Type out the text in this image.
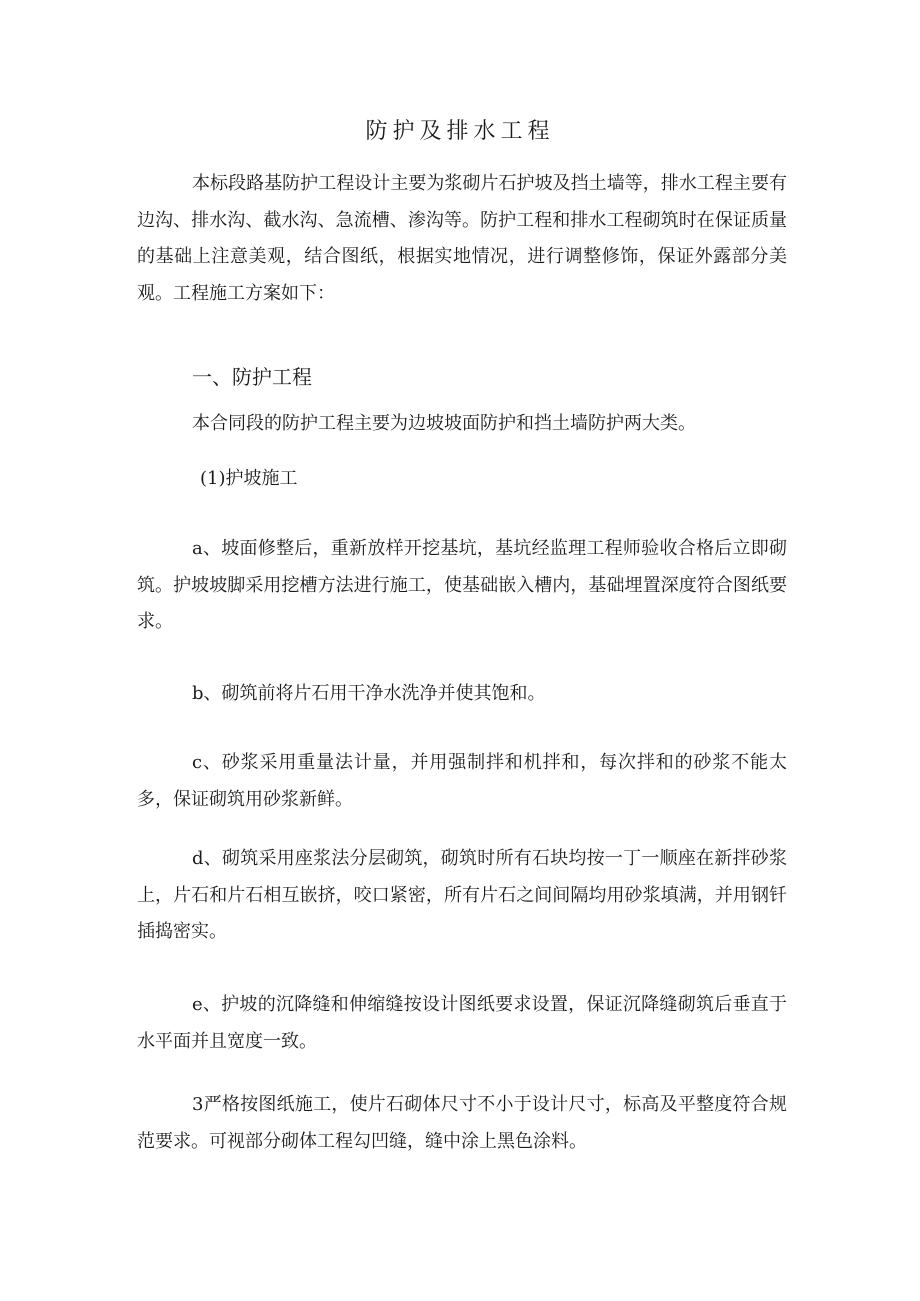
防护及排水工程

本标段路基防护工程设计主要为浆砌片石护坡及挡土墙等，排水工程主要有边沟、排水沟、截水沟、急流槽、渗沟等。防护工程和排水工程砌筑时在保证质量的基础上注意美观，结合图纸，根据实地情况，进行调整修饰，保证外露部分美观。工程施工方案如下：

一、防护工程

本合同段的防护工程主要为边坡坡面防护和挡土墙防护两大类。

(1)护坡施工

a、坡面修整后，重新放样开挖基坑，基坑经监理工程师验收合格后立即砌筑。护坡坡脚采用挖槽方法进行施工，使基础嵌入槽内，基础埋置深度符合图纸要求。

b、砌筑前将片石用干净水洗净并使其饱和。

c、砂浆采用重量法计量，并用强制拌和机拌和，每次拌和的砂浆不能太多，保证砌筑用砂浆新鲜。

d、砌筑采用座浆法分层砌筑，砌筑时所有石块均按一丁一顺座在新拌砂浆上，片石和片石相互嵌挤，咬口紧密，所有片石之间间隔均用砂浆填满，并用钢钎插捣密实。

e、护坡的沉降缝和伸缩缝按设计图纸要求设置，保证沉降缝砌筑后垂直于水平面并且宽度一致。

3严格按图纸施工，使片石砌体尺寸不小于设计尺寸，标高及平整度符合规范要求。可视部分砌体工程勾凹缝，缝中涂上黑色涂料。
